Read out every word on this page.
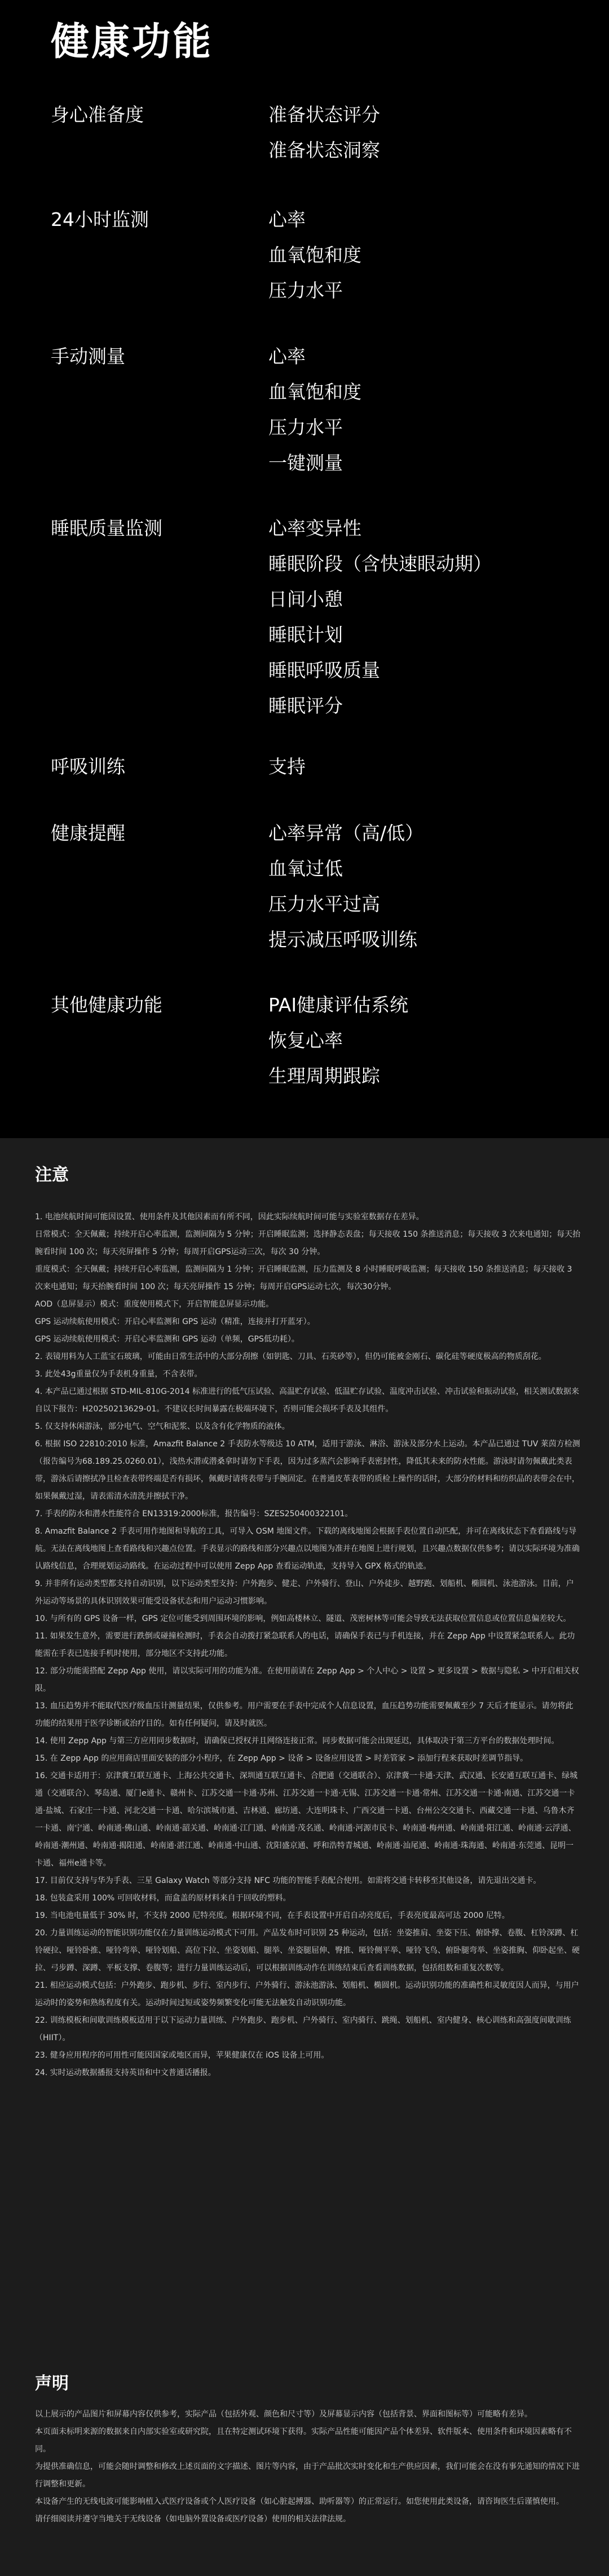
健康功能
身心准备度	准备状态评分
准备状态洞察
24小时监测	心率
血氧饱和度
压力水平
手动测量	心率
血氧饱和度
压力水平
一键测量
睡眠质量监测	心率变异性
睡眠阶段（含快速眼动期）
日间小憩
睡眠计划
睡眠呼吸质量
睡眠评分
呼吸训练	支持
健康提醒	心率异常（高/低）
血氧过低
压力水平过高
提示减压呼吸训练
其他健康功能	PAI健康评估系统
恢复心率
生理周期跟踪
注意

1. 电池续航时间可能因设置、使用条件及其他因素而有所不同，因此实际续航时间可能与实验室数据存在差异。

日常模式：全天佩戴；持续开启心率监测，监测间隔为 5 分钟；开启睡眠监测；选择静态表盘；每天接收 150 条推送消息；每天接收 3 次来电通知；每天抬腕看时间 100 次；每天亮屏操作 5 分钟；每周开启GPS运动三次，每次 30 分钟。

重度模式：全天佩戴；持续开启心率监测，监测间隔为 1 分钟；开启睡眠监测，压力监测及 8 小时睡眠呼吸监测；每天接收 150 条推送消息；每天接收 3 次来电通知；每天抬腕看时间 100 次；每天亮屏操作 15 分钟；每周开启GPS运动七次，每次30分钟。

AOD（息屏显示）模式：重度使用模式下，开启智能息屏显示功能。

GPS 运动续航使用模式：开启心率监测和 GPS 运动（精准，连接并打开蓝牙）。

GPS 运动续航使用模式：开启心率监测和 GPS 运动（单频，GPS低功耗）。

2. 表镜用料为人工蓝宝石玻璃，可能由日常生活中的大部分刮擦（如钥匙、刀具、石英砂等），但仍可能被金刚石、碳化硅等硬度极高的物质刮花。

3. 此处43g重量仅为手表机身重量，不含表带。

4. 本产品已通过根据 STD-MIL-810G-2014 标准进行的低气压试验、高温贮存试验、低温贮存试验、温度冲击试验、冲击试验和振动试验，相关测试数据来自以下报告：H20250213629-01。不建议长时间暴露在极端环境下，否则可能会损坏手表及其组件。

5. 仅支持休闲游泳，部分电气、空气和泥浆、以及含有化学物质的液体。

6. 根据 ISO 22810:2010 标准，Amazfit Balance 2 手表防水等级达 10 ATM，适用于游泳、淋浴、游泳及部分水上运动。本产品已通过 TUV 莱茵方检测（报告编号为68.189.25.0260.01），浅热水潜或潜桑拿时请勿下手表，因为过多蒸汽会影响手表密封性，降低其未来的防水性能。游泳时请勿佩戴此类表带，游泳后请擦拭净且检查表带终端是否有损坏，佩戴时请将表带与手腕固定。在普通皮革表带的质检上操作的话时，大部分的材料和纺织品的表带会在中，如果佩戴过湿，请表需清水清洗并擦拭干净。

7. 手表的防水和潜水性能符合 EN13319:2000标准，报告编号：SZES250400322101。

8. Amazfit Balance 2 手表可用作地图和导航的工具，可导入 OSM 地图文件。下载的离线地图会根据手表位置自动匹配，并可在离线状态下查看路线与导航。无法在离线地图上查看路线和兴趣点位置。手表显示的路线和部分兴趣点以地图为准并在地图上进行规划，且兴趣点数据仅供参考；请以实际环境为准确认路线信息，合理规划运动路线。在运动过程中可以使用 Zepp App 查看运动轨迹，支持导入 GPX 格式的轨迹。

9. 并非所有运动类型都支持自动识别，以下运动类型支持：户外跑步、健走、户外骑行、登山、户外徒步、越野跑、划船机、椭圆机、泳池游泳。目前，户外运动等场景的具体识别效果可能受设备状态和用户运动习惯影响。

10. 与所有的 GPS 设备一样，GPS 定位可能受到周围环境的影响，例如高楼林立、隧道、茂密树林等可能会导致无法获取位置信息或位置信息偏差较大。

11. 如果发生意外，需要进行跌倒或碰撞检测时，手表会自动拨打紧急联系人的电话，请确保手表已与手机连接，并在 Zepp App 中设置紧急联系人。此功能需在手表已连接手机时使用，部分地区不支持此功能。

12. 部分功能需搭配 Zepp App 使用，请以实际可用的功能为准。在使用前请在 Zepp App > 个人中心 > 设置 > 更多设置 > 数据与隐私 > 中开启相关权限。

13. 血压趋势并不能取代医疗级血压计测量结果，仅供参考。用户需要在手表中完成个人信息设置，血压趋势功能需要佩戴至少 7 天后才能显示。请勿将此功能的结果用于医学诊断或治疗目的。如有任何疑问，请及时就医。

14. 使用 Zepp App 与第三方应用同步数据时，请确保已授权并且网络连接正常。同步数据可能会出现延迟，具体取决于第三方平台的数据处理时间。

15. 在 Zepp App 的应用商店里面安装的部分小程序，在 Zepp App > 设备 > 设备应用设置 > 时差管家 > 添加行程来获取时差调节指导。

16. 交通卡适用于：京津冀互联互通卡、上海公共交通卡、深圳通互联互通卡、合肥通（交通联合）、京津冀一卡通·天津、武汉通、长安通互联互通卡、绿城通（交通联合）、琴岛通、厦门e通卡、赣州卡、江苏交通一卡通·苏州、江苏交通一卡通·无锡、江苏交通一卡通·常州、江苏交通一卡通·南通、江苏交通一卡通·盐城、石家庄一卡通、河北交通一卡通、哈尔滨城市通、吉林通、廊坊通、大连明珠卡、广西交通一卡通、台州公交交通卡、西藏交通一卡通、乌鲁木齐一卡通、南宁通、岭南通·佛山通、岭南通·韶关通、岭南通·江门通、岭南通·茂名通、岭南通·河源市民卡、岭南通·梅州通、岭南通·阳江通、岭南通·云浮通、岭南通·潮州通、岭南通·揭阳通、岭南通·湛江通、岭南通·中山通、沈阳盛京通、呼和浩特青城通、岭南通·汕尾通、岭南通·珠海通、岭南通·东莞通、昆明一卡通、福州e通卡等。

17. 目前仅支持与华为手表、三星 Galaxy Watch 等部分支持 NFC 功能的智能手表配合使用。如需将交通卡转移至其他设备，请先退出交通卡。

18. 包装盒采用 100% 可回收材料，而盒盖的原材料来自于回收的塑料。

19. 当电池电量低于 30% 时，不支持 2000 尼特亮度。根据环境不同，在手表设置中开启自动亮度后，手表亮度最高可达 2000 尼特。

20. 力量训练运动的智能识别功能仅在力量训练运动模式下可用。产品发布时可识别 25 种运动，包括：坐姿推肩、坐姿下压、俯卧撑、卷腹、杠铃深蹲、杠铃硬拉、哑铃卧推、哑铃弯举、哑铃划船、高位下拉、坐姿划船、腿举、坐姿腿屈伸、臀推、哑铃侧平举、哑铃飞鸟、俯卧腿弯举、坐姿推胸、仰卧起坐、硬拉、弓步蹲、深蹲、平板支撑、卷腹等；进行力量训练运动后，可以根据训练动作在训练结束后查看训练数据，包括组数和重复次数等。

21. 相应运动模式包括：户外跑步、跑步机、步行、室内步行、户外骑行、游泳池游泳、划船机、椭圆机。运动识别功能的准确性和灵敏度因人而异，与用户运动时的姿势和熟练程度有关。运动时间过短或姿势频繁变化可能无法触发自动识别功能。

22. 训练模板和间歇训练模板适用于以下运动力量训练、户外跑步、跑步机、户外骑行、室内骑行、跳绳、划船机、室内健身、核心训练和高强度间歇训练（HIIT）。

23. 健身应用程序的可用性可能因国家或地区而异，苹果健康仅在 iOS 设备上可用。

24. 实时运动数据播报支持英语和中文普通话播报。

声明

以上展示的产品图片和屏幕内容仅供参考，实际产品（包括外观、颜色和尺寸等）及屏幕显示内容（包括背景、界面和图标等）可能略有差异。

本页面未标明来源的数据来自内部实验室或研究院，且在特定测试环境下获得。实际产品性能可能因产品个体差异、软件版本、使用条件和环境因素略有不同。

为提供准确信息，可能会随时调整和修改上述页面的文字描述、图片等内容，由于产品批次实时变化和生产供应因素，我们可能会在没有事先通知的情况下进行调整和更新。

本设备产生的无线电波可能影响植入式医疗设备或个人医疗设备（如心脏起搏器、助听器等）的正常运行。如您使用此类设备，请咨询医生后谨慎使用。

请仔细阅读并遵守当地关于无线设备（如电脑外置设备或医疗设备）使用的相关法律法规。
